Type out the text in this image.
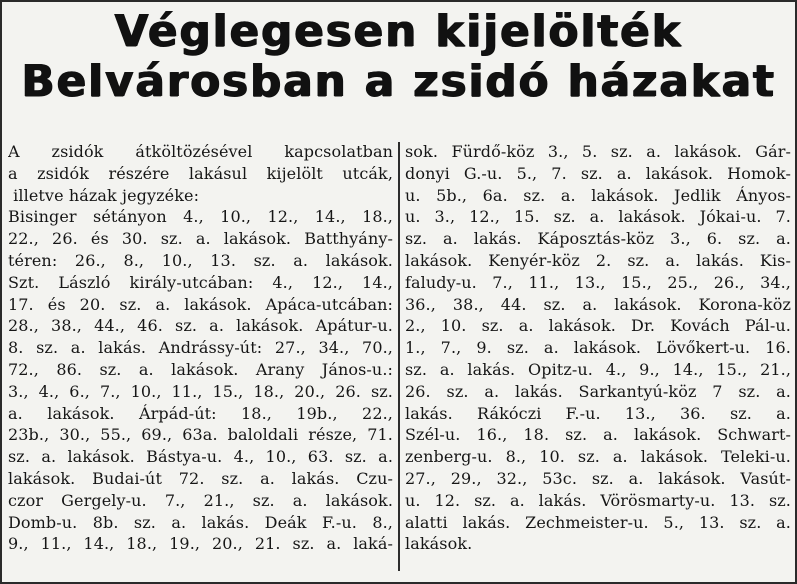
Véglegesen kijelölték
Belvárosban a zsidó házakat
A zsidók átköltözésével kapcsolatban
a zsidók részére lakásul kijelölt utcák,
illetve házak jegyzéke:
Bisinger sétányon 4., 10., 12., 14., 18.,
22., 26. és 30. sz. a. lakások. Batthyány-
téren: 26., 8., 10., 13. sz. a. lakások.
Szt. László király-utcában: 4., 12., 14.,
17. és 20. sz. a. lakások. Apáca-utcában:
28., 38., 44., 46. sz. a. lakások. Apátur-u.
8. sz. a. lakás. Andrássy-út: 27., 34., 70.,
72., 86. sz. a. lakások. Arany János-u.:
3., 4., 6., 7., 10., 11., 15., 18., 20., 26. sz.
a. lakások. Árpád-út: 18., 19b., 22.,
23b., 30., 55., 69., 63a. baloldali része, 71.
sz. a. lakások. Bástya-u. 4., 10., 63. sz. a.
lakások. Budai-út 72. sz. a. lakás. Czu-
czor Gergely-u. 7., 21., sz. a. lakások.
Domb-u. 8b. sz. a. lakás. Deák F.-u. 8.,
9., 11., 14., 18., 19., 20., 21. sz. a. laká-
sok. Fürdő-köz 3., 5. sz. a. lakások. Gár-
donyi G.-u. 5., 7. sz. a. lakások. Homok-
u. 5b., 6a. sz. a. lakások. Jedlik Ányos-
u. 3., 12., 15. sz. a. lakások. Jókai-u. 7.
sz. a. lakás. Káposztás-köz 3., 6. sz. a.
lakások. Kenyér-köz 2. sz. a. lakás. Kis-
faludy-u. 7., 11., 13., 15., 25., 26., 34.,
36., 38., 44. sz. a. lakások. Korona-köz
2., 10. sz. a. lakások. Dr. Kovách Pál-u.
1., 7., 9. sz. a. lakások. Lövőkert-u. 16.
sz. a. lakás. Opitz-u. 4., 9., 14., 15., 21.,
26. sz. a. lakás. Sarkantyú-köz 7 sz. a.
lakás. Rákóczi F.-u. 13., 36. sz. a.
Szél-u. 16., 18. sz. a. lakások. Schwart-
zenberg-u. 8., 10. sz. a. lakások. Teleki-u.
27., 29., 32., 53c. sz. a. lakások. Vasút-
u. 12. sz. a. lakás. Vörösmarty-u. 13. sz.
alatti lakás. Zechmeister-u. 5., 13. sz. a.
lakások.
